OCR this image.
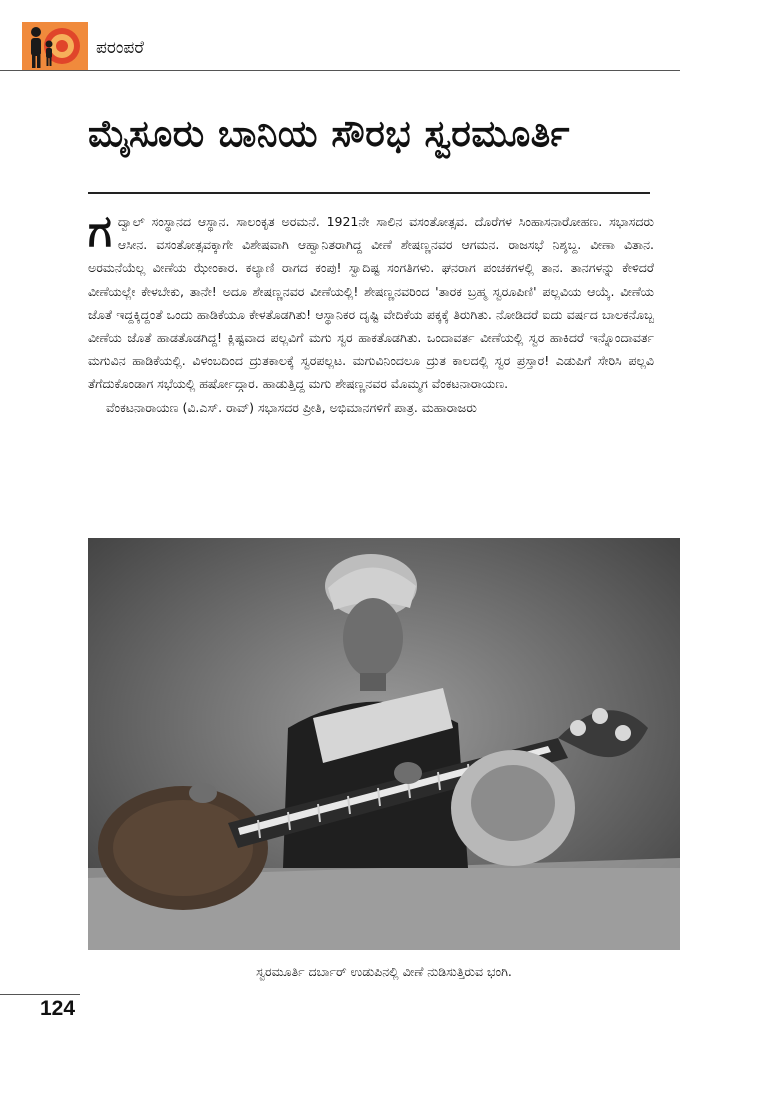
ಪರಂಪರೆ
ಮೈಸೂರು ಬಾನಿಯ ಸೌರಭ ಸ್ವರಮೂರ್ತಿ

ಗದ್ವಾಲ್ ಸಂಸ್ಥಾನದ ಆಸ್ಥಾನ. ಸಾಲಂಕೃತ ಅರಮನೆ. 1921ನೇ ಸಾಲಿನ ವಸಂತೋತ್ಸವ. ದೊರೆಗಳ ಸಿಂಹಾಸನಾರೋಹಣ. ಸಭಾಸದರು ಆಸೀನ. ವಸಂತೋತ್ಸವಕ್ಕಾಗೇ ವಿಶೇಷವಾಗಿ ಆಹ್ವಾನಿತರಾಗಿದ್ದ ವೀಣೆ ಶೇಷಣ್ಣನವರ ಆಗಮನ. ರಾಜಸಭೆ ನಿಶ್ಶಬ್ದ. ವೀಣಾ ವಿತಾನ. ಅರಮನೆಯೆಲ್ಲ ವೀಣೆಯ ಝೇಂಕಾರ. ಕಲ್ಯಾಣಿ ರಾಗದ ಕಂಪು! ಸ್ವಾದಿಷ್ಟ ಸಂಗತಿಗಳು. ಘನರಾಗ ಪಂಚಕಗಳಲ್ಲಿ ತಾನ. ತಾನಗಳನ್ನು ಕೇಳಿದರೆ ವೀಣೆಯಲ್ಲೇ ಕೇಳಬೇಕು, ತಾನೇ! ಅದೂ ಶೇಷಣ್ಣನವರ ವೀಣೆಯಲ್ಲಿ! ಶೇಷಣ್ಣನವರಿಂದ 'ತಾರಕ ಬ್ರಹ್ಮ ಸ್ವರೂಪಿಣಿ' ಪಲ್ಲವಿಯ ಆಯ್ಕೆ. ವೀಣೆಯ ಜೊತೆ ಇದ್ದಕ್ಕಿದ್ದಂತೆ ಒಂದು ಹಾಡಿಕೆಯೂ ಕೇಳತೊಡಗಿತು! ಆಸ್ಥಾನಿಕರ ದೃಷ್ಟಿ ವೇದಿಕೆಯ ಪಕ್ಕಕ್ಕೆ ತಿರುಗಿತು. ನೋಡಿದರೆ ಐದು ವರ್ಷದ ಬಾಲಕನೊಬ್ಬ ವೀಣೆಯ ಜೊತೆ ಹಾಡತೊಡಗಿದ್ದ! ಕ್ಲಿಷ್ಟವಾದ ಪಲ್ಲವಿಗೆ ಮಗು ಸ್ವರ ಹಾಕತೊಡಗಿತು. ಒಂದಾವರ್ತ ವೀಣೆಯಲ್ಲಿ ಸ್ವರ ಹಾಕಿದರೆ ಇನ್ನೊಂದಾವರ್ತ ಮಗುವಿನ ಹಾಡಿಕೆಯಲ್ಲಿ. ವಿಳಂಬದಿಂದ ದ್ರುತಕಾಲಕ್ಕೆ ಸ್ವರಪಲ್ಲಟ. ಮಗುವಿನಿಂದಲೂ ದ್ರುತ ಕಾಲದಲ್ಲಿ ಸ್ವರ ಪ್ರಸ್ತಾರ! ಎಡುಪಿಗೆ ಸೇರಿಸಿ ಪಲ್ಲವಿ ತೆಗೆದುಕೊಂಡಾಗ ಸಭೆಯಲ್ಲಿ ಹರ್ಷೋದ್ಗಾರ. ಹಾಡುತ್ತಿದ್ದ ಮಗು ಶೇಷಣ್ಣನವರ ಮೊಮ್ಮಗ ವೆಂಕಟನಾರಾಯಣ.

ವೆಂಕಟನಾರಾಯಣ (ವಿ.ಎಸ್. ರಾವ್) ಸಭಾಸದರ ಪ್ರೀತಿ, ಅಭಿಮಾನಗಳಿಗೆ ಪಾತ್ರ. ಮಹಾರಾಜರು

ಸ್ವರಮೂರ್ತಿ ದರ್ಬಾರ್ ಉಡುಪಿನಲ್ಲಿ ವೀಣೆ ನುಡಿಸುತ್ತಿರುವ ಭಂಗಿ.
124
